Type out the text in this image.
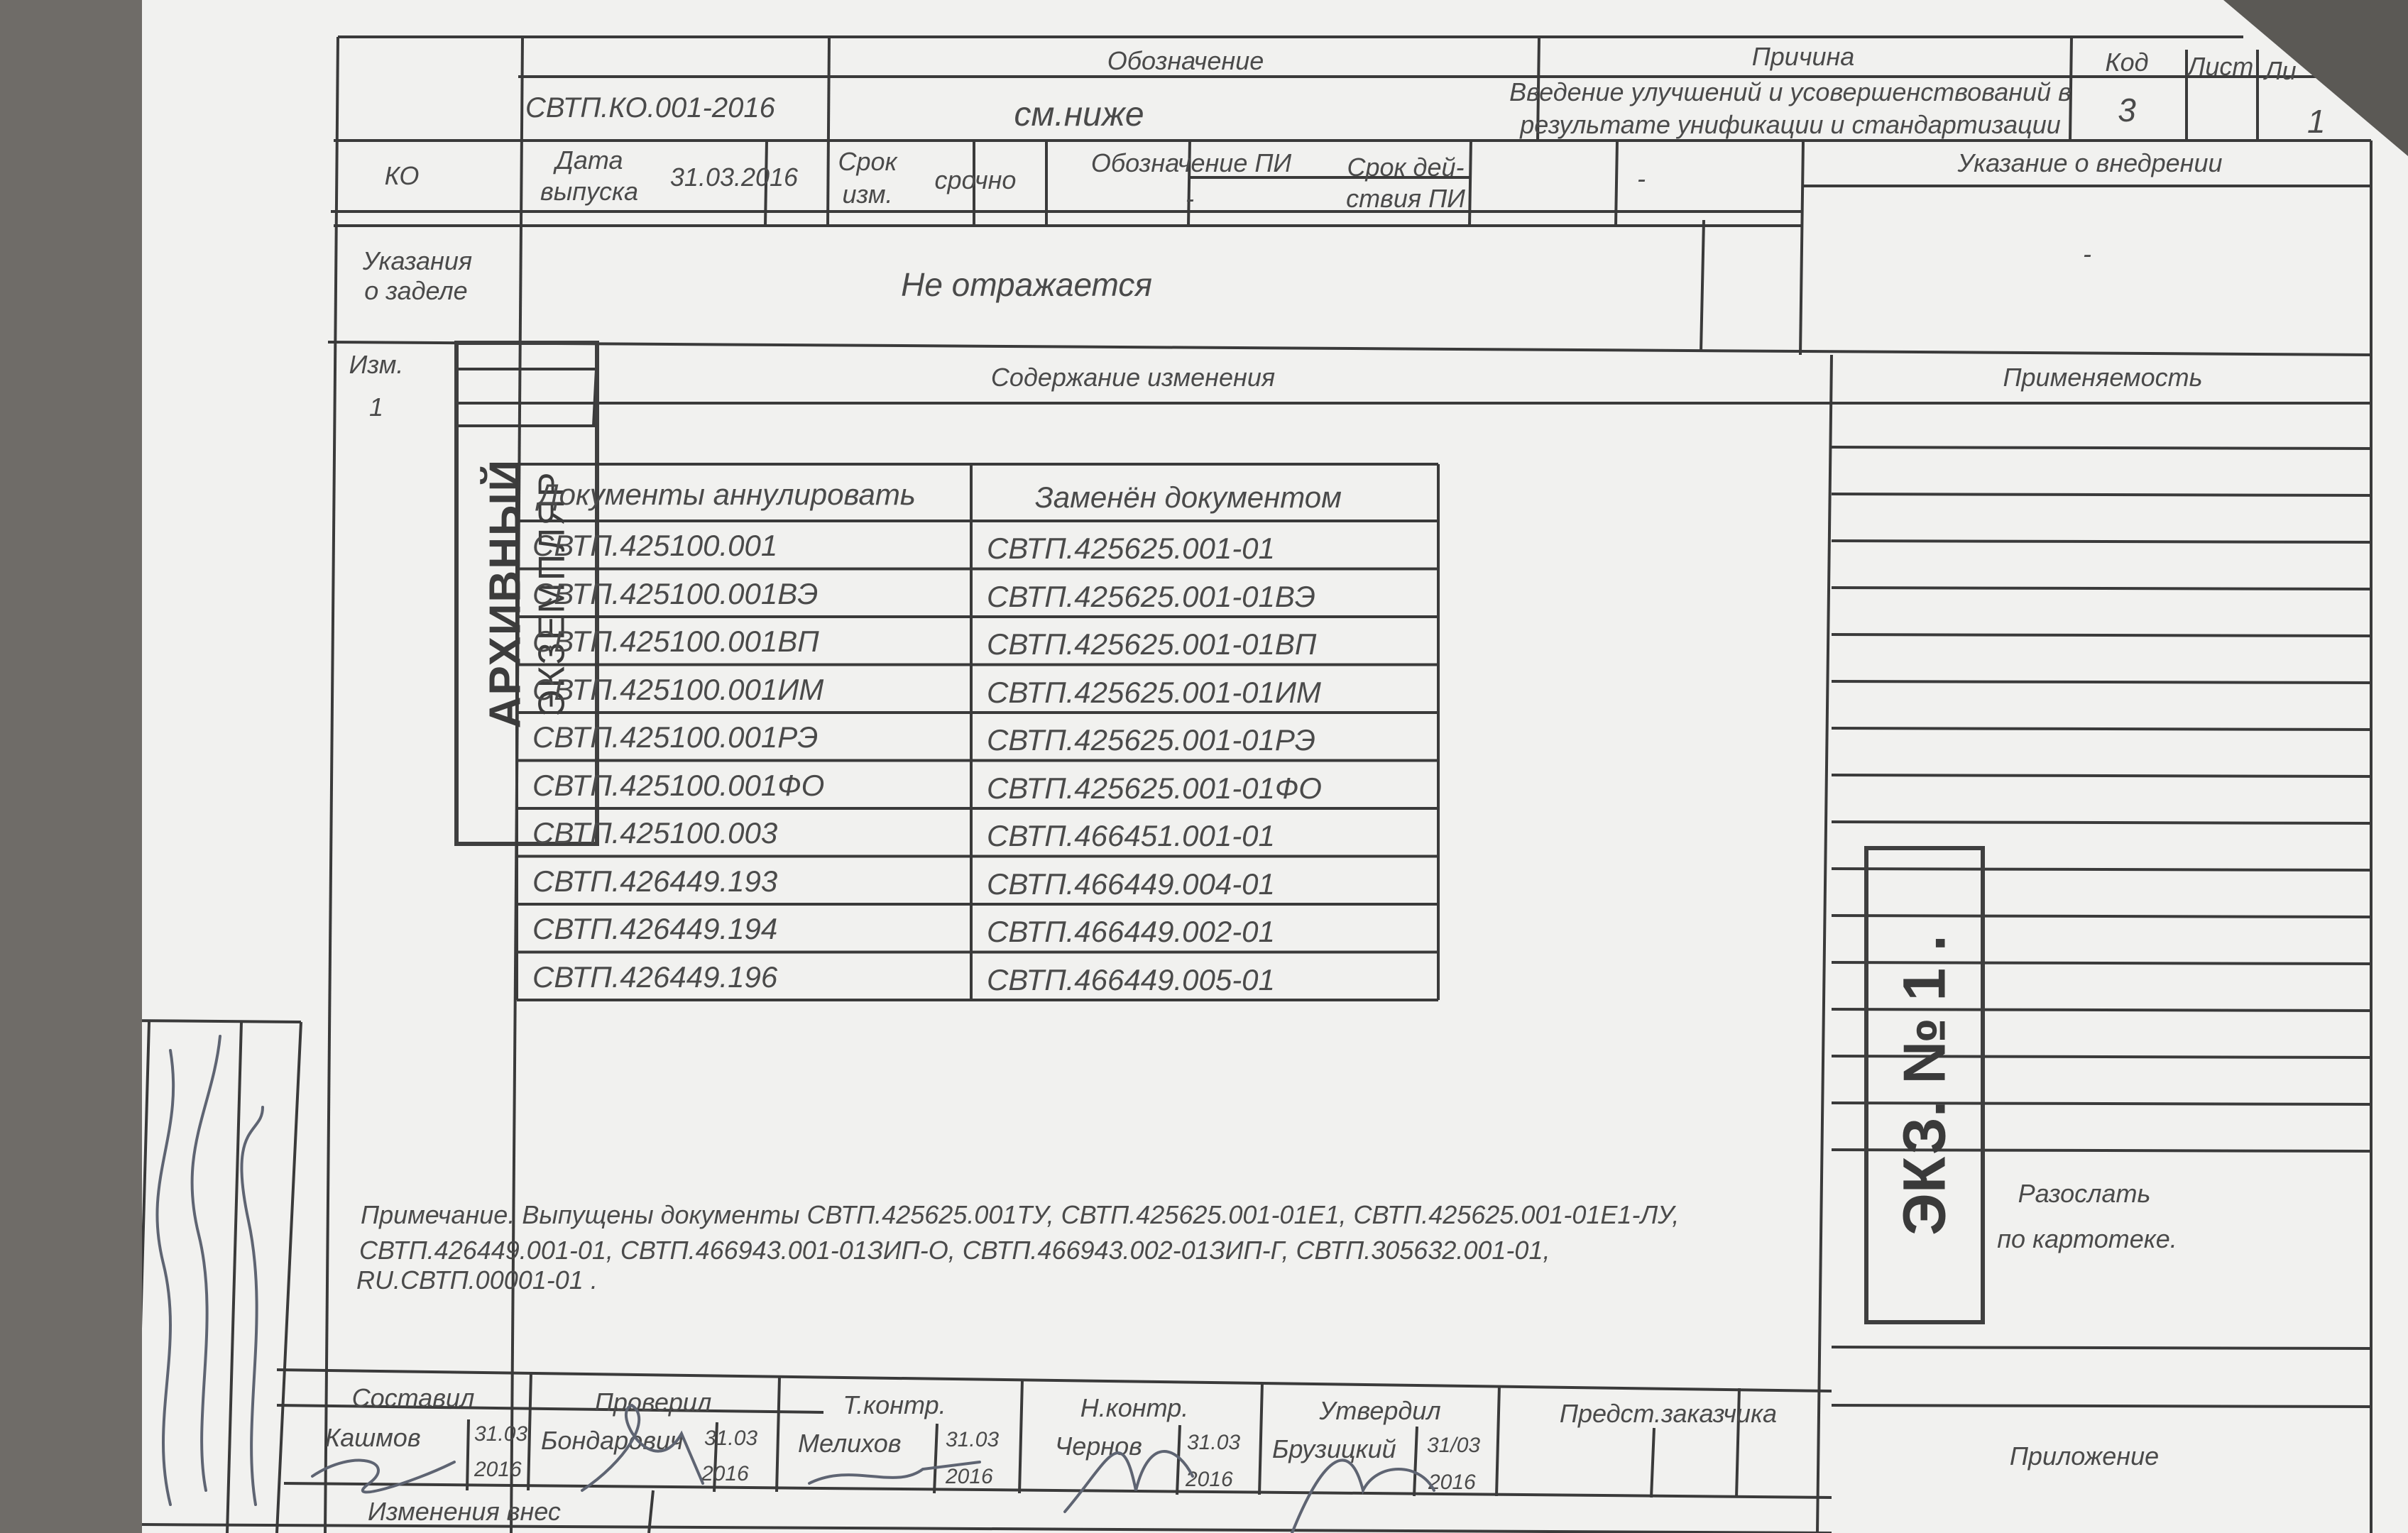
СВТП.КО.001-2016
Обозначение
см.ниже
Причина
Введение улучшений и усовершенствований в
результате унификации и стандартизации
Код
3
Лист Ли
1
КО
Дата
выпуска 31.03.2016
Срок
изм. срочно
Обозначение ПИ
-
Срок дей-
ствия ПИ
-
Указание о внедрении
-
Указания
о заделе	Не отражается
Изм.
1
Содержание изменения	Применяемость
АРХИВНЫЙ ЭКЗЕМПЛЯР
Документы аннулировать	Заменён документом
СВТП.425100.001	СВТП.425625.001-01
СВТП.425100.001ВЭ	СВТП.425625.001-01ВЭ
СВТП.425100.001ВП	СВТП.425625.001-01ВП
СВТП.425100.001ИМ	СВТП.425625.001-01ИМ
СВТП.425100.001РЭ	СВТП.425625.001-01РЭ
СВТП.425100.001ФО	СВТП.425625.001-01ФО
СВТП.425100.003	СВТП.466451.001-01
СВТП.426449.193	СВТП.466449.004-01
СВТП.426449.194	СВТП.466449.002-01
СВТП.426449.196	СВТП.466449.005-01	ЭКЗ. № 1 .
Примечание. Выпущены документы СВТП.425625.001ТУ, СВТП.425625.001-01Е1, СВТП.425625.001-01Е1-ЛУ,
СВТП.426449.001-01, СВТП.466943.001-01ЗИП-О, СВТП.466943.002-01ЗИП-Г, СВТП.305632.001-01,
RU.СВТП.00001-01 .
Разослать
по картотеке.
Составил
Кашмов	31.03
2016
Проверил
Бондарович 31.03
2016
Т.контр.
Мелихов 31.03
2016
Н.контр.
Чернов 31.03
2016
Утвердил
Брузицкий 31/03
2016
Предст.заказчика
Приложение
Изменения внес
